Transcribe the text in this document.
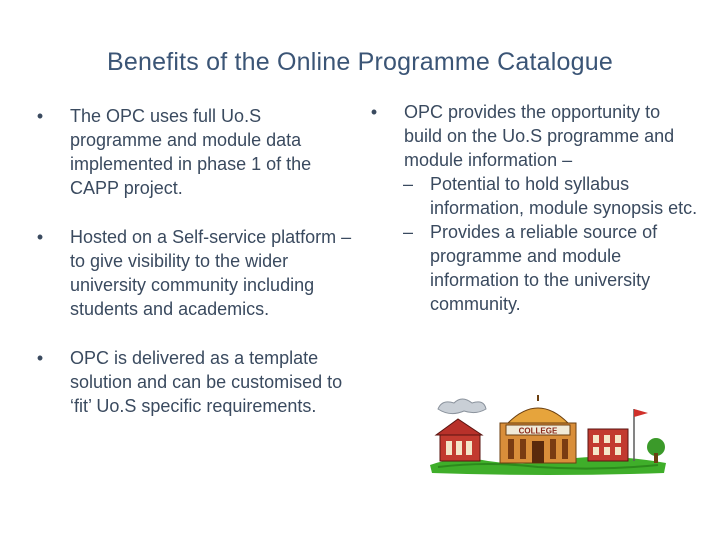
Benefits of the Online Programme Catalogue
• The OPC uses full Uo.S programme and module data implemented in phase 1 of the CAPP project.
• Hosted on a Self-service platform – to give visibility to the wider university community including students and academics.
• OPC is delivered as a template solution and can be customised to ‘fit’ Uo.S specific requirements.
• OPC provides the opportunity to build on the Uo.S programme and module information –
– Potential to hold syllabus information, module synopsis etc.
– Provides a reliable source of programme and module information to the university community.
COLLEGE
